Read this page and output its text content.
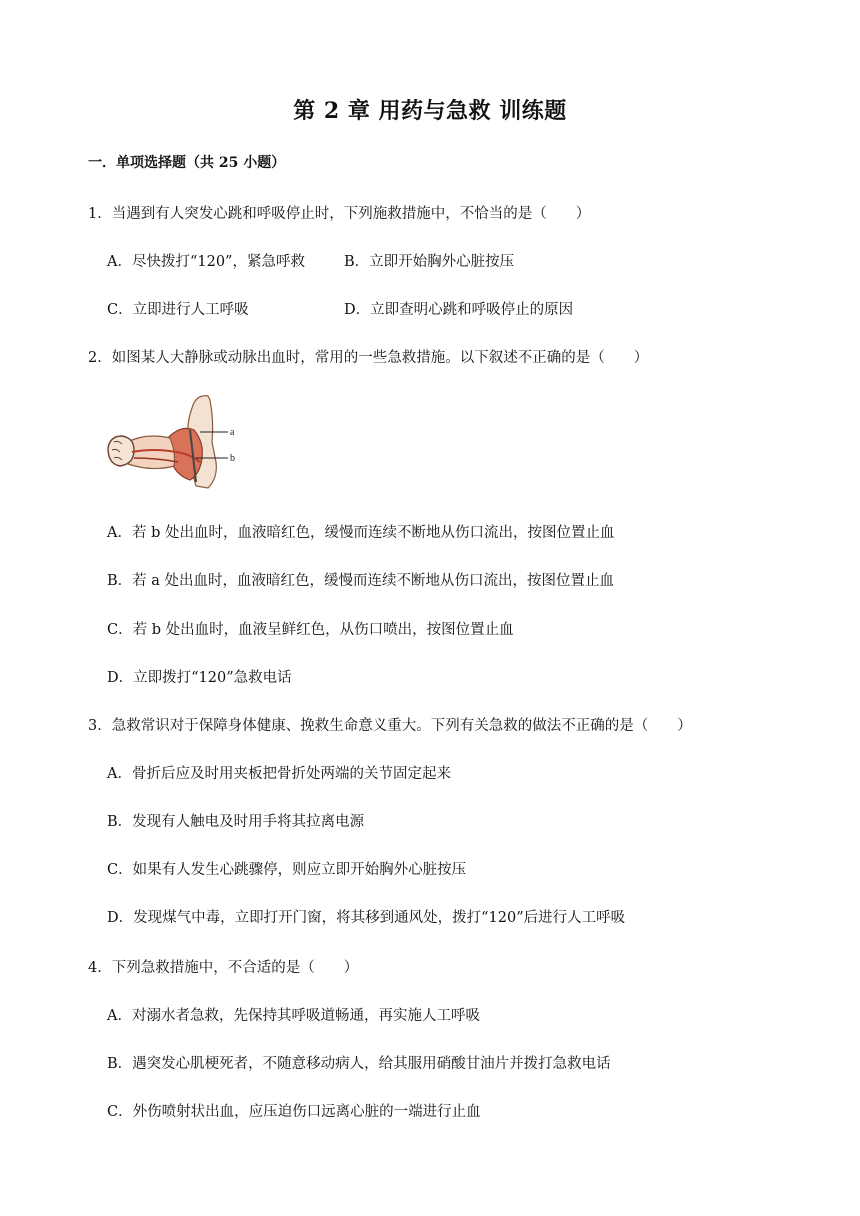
第 2 章 用药与急救 训练题
一．单项选择题（共 25 小题）
1．当遇到有人突发心跳和呼吸停止时，下列施救措施中，不恰当的是（　　）
A．尽快拨打“120”，紧急呼救	B．立即开始胸外心脏按压
C．立即进行人工呼吸	D．立即查明心跳和呼吸停止的原因
2．如图某人大静脉或动脉出血时，常用的一些急救措施。以下叙述不正确的是（　　）
a
b
A．若 b 处出血时，血液暗红色，缓慢而连续不断地从伤口流出，按图位置止血
B．若 a 处出血时，血液暗红色，缓慢而连续不断地从伤口流出，按图位置止血
C．若 b 处出血时，血液呈鲜红色，从伤口喷出，按图位置止血
D．立即拨打“120”急救电话
3．急救常识对于保障身体健康、挽救生命意义重大。下列有关急救的做法不正确的是（　　）
A．骨折后应及时用夹板把骨折处两端的关节固定起来
B．发现有人触电及时用手将其拉离电源
C．如果有人发生心跳骤停，则应立即开始胸外心脏按压
D．发现煤气中毒，立即打开门窗，将其移到通风处，拨打“120”后进行人工呼吸
4．下列急救措施中，不合适的是（　　）
A．对溺水者急救，先保持其呼吸道畅通，再实施人工呼吸
B．遇突发心肌梗死者，不随意移动病人，给其服用硝酸甘油片并拨打急救电话
C．外伤喷射状出血，应压迫伤口远离心脏的一端进行止血
